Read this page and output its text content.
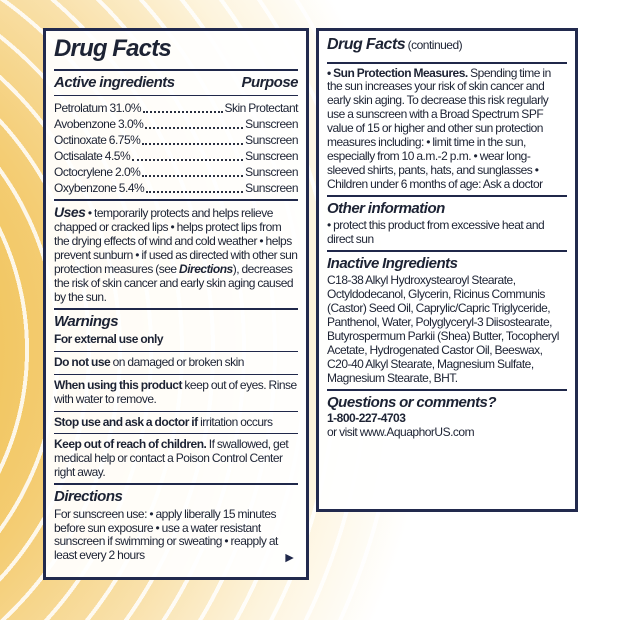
Drug Facts
Active ingredients	Purpose
Petrolatum 31.0%	Skin Protectant
Avobenzone 3.0%	Sunscreen
Octinoxate 6.75%	Sunscreen
Octisalate 4.5%	Sunscreen
Octocrylene 2.0%	Sunscreen
Oxybenzone 5.4%	Sunscreen
Uses • temporarily protects and helps relieve chapped or cracked lips • helps protect lips from the drying effects of wind and cold weather • helps prevent sunburn • if used as directed with other sun protection measures (see Directions), decreases the risk of skin cancer and early skin aging caused by the sun.
Warnings
For external use only
Do not use on damaged or broken skin
When using this product keep out of eyes. Rinse with water to remove.
Stop use and ask a doctor if irritation occurs
Keep out of reach of children. If swallowed, get medical help or contact a Poison Control Center right away.
Directions
For sunscreen use: • apply liberally 15 minutes before sun exposure • use a water resistant sunscreen if swimming or sweating • reapply at least every 2 hours	►
Drug Facts (continued)
• Sun Protection Measures. Spending time in the sun increases your risk of skin cancer and early skin aging. To decrease this risk regularly use a sunscreen with a Broad Spectrum SPF value of 15 or higher and other sun protection measures including: • limit time in the sun, especially from 10 a.m.-2 p.m. • wear long-sleeved shirts, pants, hats, and sunglasses • Children under 6 months of age: Ask a doctor
Other information
• protect this product from excessive heat and direct sun
Inactive Ingredients
C18-38 Alkyl Hydroxystearoyl Stearate, Octyldodecanol, Glycerin, Ricinus Communis (Castor) Seed Oil, Caprylic/Capric Triglyceride, Panthenol, Water, Polyglyceryl-3 Diisostearate, Butyrospermum Parkii (Shea) Butter, Tocopheryl Acetate, Hydrogenated Castor Oil, Beeswax, C20-40 Alkyl Stearate, Magnesium Sulfate, Magnesium Stearate, BHT.
Questions or comments?
1-800-227-4703
or visit www.AquaphorUS.com
